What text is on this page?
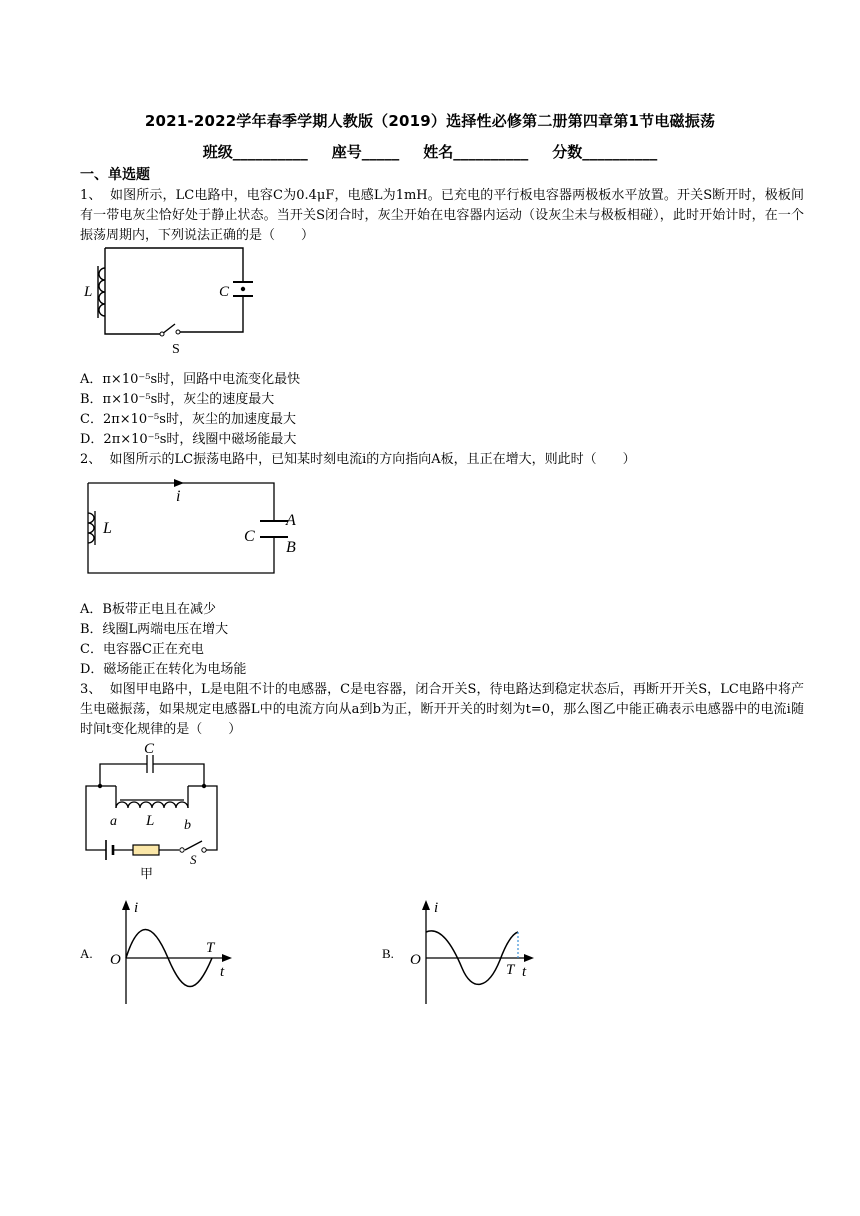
2021-2022学年春季学期人教版（2019）选择性必修第二册第四章第1节电磁振荡
班级__________ 座号_____ 姓名__________ 分数__________
一、单选题
1、 如图所示，LC电路中，电容C为0.4μF，电感L为1mH。已充电的平行板电容器两极板水平放置。开关S断开时，极板间有一带电灰尘恰好处于静止状态。当开关S闭合时，灰尘开始在电容器内运动（设灰尘未与极板相碰），此时开始计时，在一个振荡周期内，下列说法正确的是（　　）
L	C
S
A．π×10⁻⁵s时，回路中电流变化最快
B．π×10⁻⁵s时，灰尘的速度最大
C．2π×10⁻⁵s时，灰尘的加速度最大
D．2π×10⁻⁵s时，线圈中磁场能最大
2、 如图所示的LC振荡电路中，已知某时刻电流i的方向指向A板，且正在增大，则此时（　　）
i
L	C
A
B
A．B板带正电且在减少
B．线圈L两端电压在增大
C．电容器C正在充电
D．磁场能正在转化为电场能
3、 如图甲电路中，L是电阻不计的电感器，C是电容器，闭合开关S，待电路达到稳定状态后，再断开开关S，LC电路中将产生电磁振荡，如果规定电感器L中的电流方向从a到b为正，断开开关的时刻为t=0，那么图乙中能正确表示电感器中的电流i随时间t变化规律的是（　　）
C
a L b
S
甲
A.
i
O
T
t
B.
i
O
T t
